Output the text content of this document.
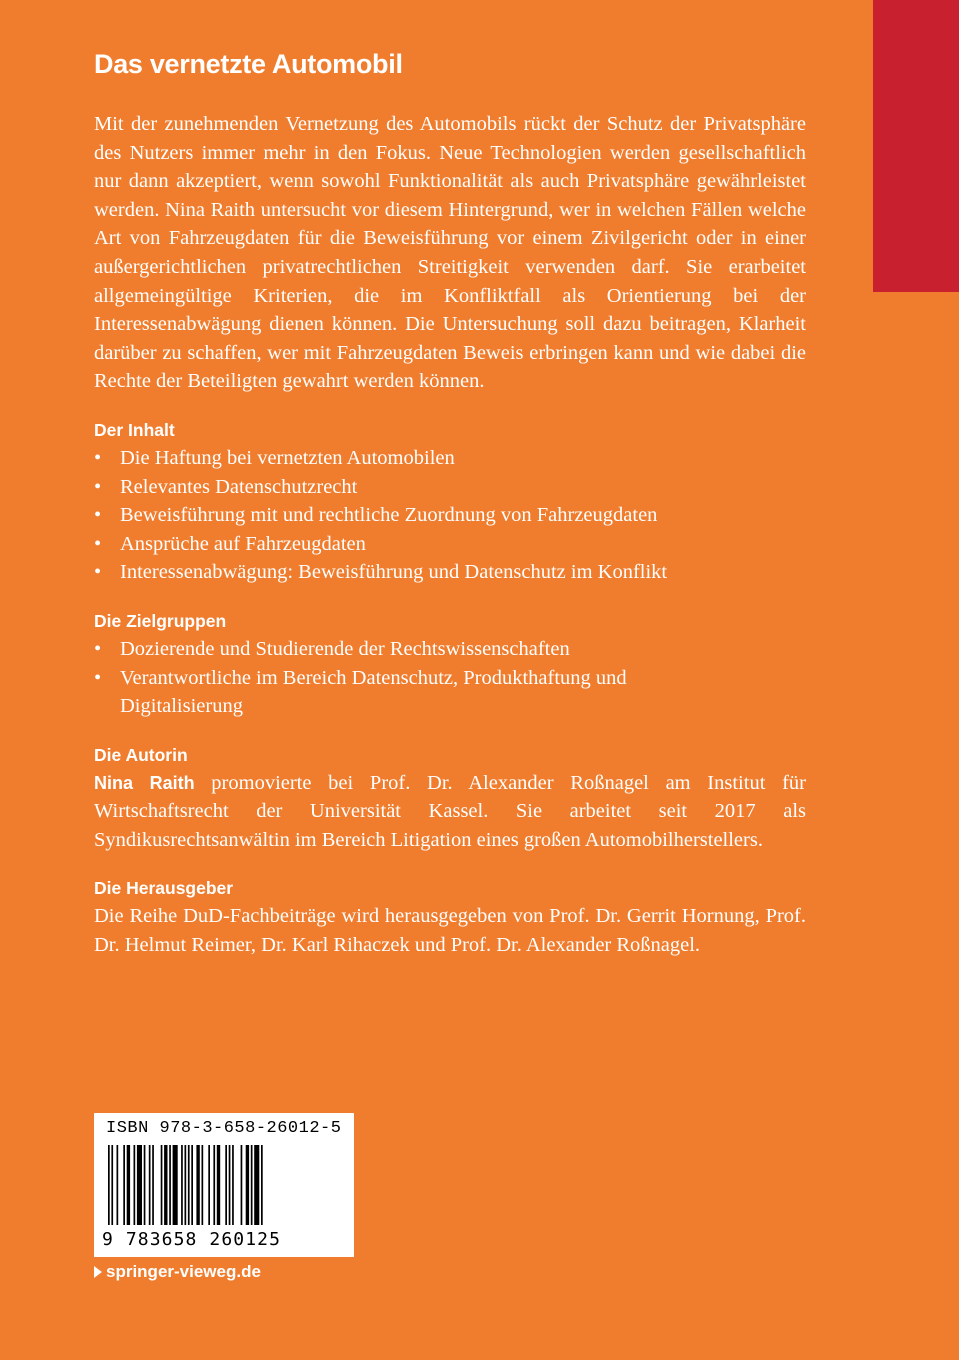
Das vernetzte Automobil

Mit der zunehmenden Vernetzung des Automobils rückt der Schutz der Privatsphäre des Nutzers immer mehr in den Fokus. Neue Technologien werden gesellschaftlich nur dann akzeptiert, wenn sowohl Funktionalität als auch Privatsphäre gewährleistet werden. Nina Raith untersucht vor diesem Hintergrund, wer in welchen Fällen welche Art von Fahrzeugdaten für die Beweisführung vor einem Zivilgericht oder in einer außergerichtlichen privatrechtlichen Streitigkeit verwenden darf. Sie erarbeitet allgemeingültige Kriterien, die im Konfliktfall als Orientierung bei der Interessenabwägung dienen können. Die Untersuchung soll dazu beitragen, Klarheit darüber zu schaffen, wer mit Fahrzeugdaten Beweis erbringen kann und wie dabei die Rechte der Beteiligten gewahrt werden können.

Der Inhalt
• Die Haftung bei vernetzten Automobilen
• Relevantes Datenschutzrecht
• Beweisführung mit und rechtliche Zuordnung von Fahrzeugdaten
• Ansprüche auf Fahrzeugdaten
• Interessenabwägung: Beweisführung und Datenschutz im Konflikt
Die Zielgruppen
• Dozierende und Studierende der Rechtswissenschaften
• Verantwortliche im Bereich Datenschutz, Produkthaftung und Digitalisierung
Die Autorin

Nina Raith promovierte bei Prof. Dr. Alexander Roßnagel am Institut für Wirtschaftsrecht der Universität Kassel. Sie arbeitet seit 2017 als Syndikusrechtsanwältin im Bereich Litigation eines großen Automobilherstellers.

Die Herausgeber

Die Reihe DuD-Fachbeiträge wird herausgegeben von Prof. Dr. Gerrit Hornung, Prof. Dr. Helmut Reimer, Dr. Karl Rihaczek und Prof. Dr. Alexander Roßnagel.

ISBN 978-3-658-26012-5
9 783658 260125
springer-vieweg.de
